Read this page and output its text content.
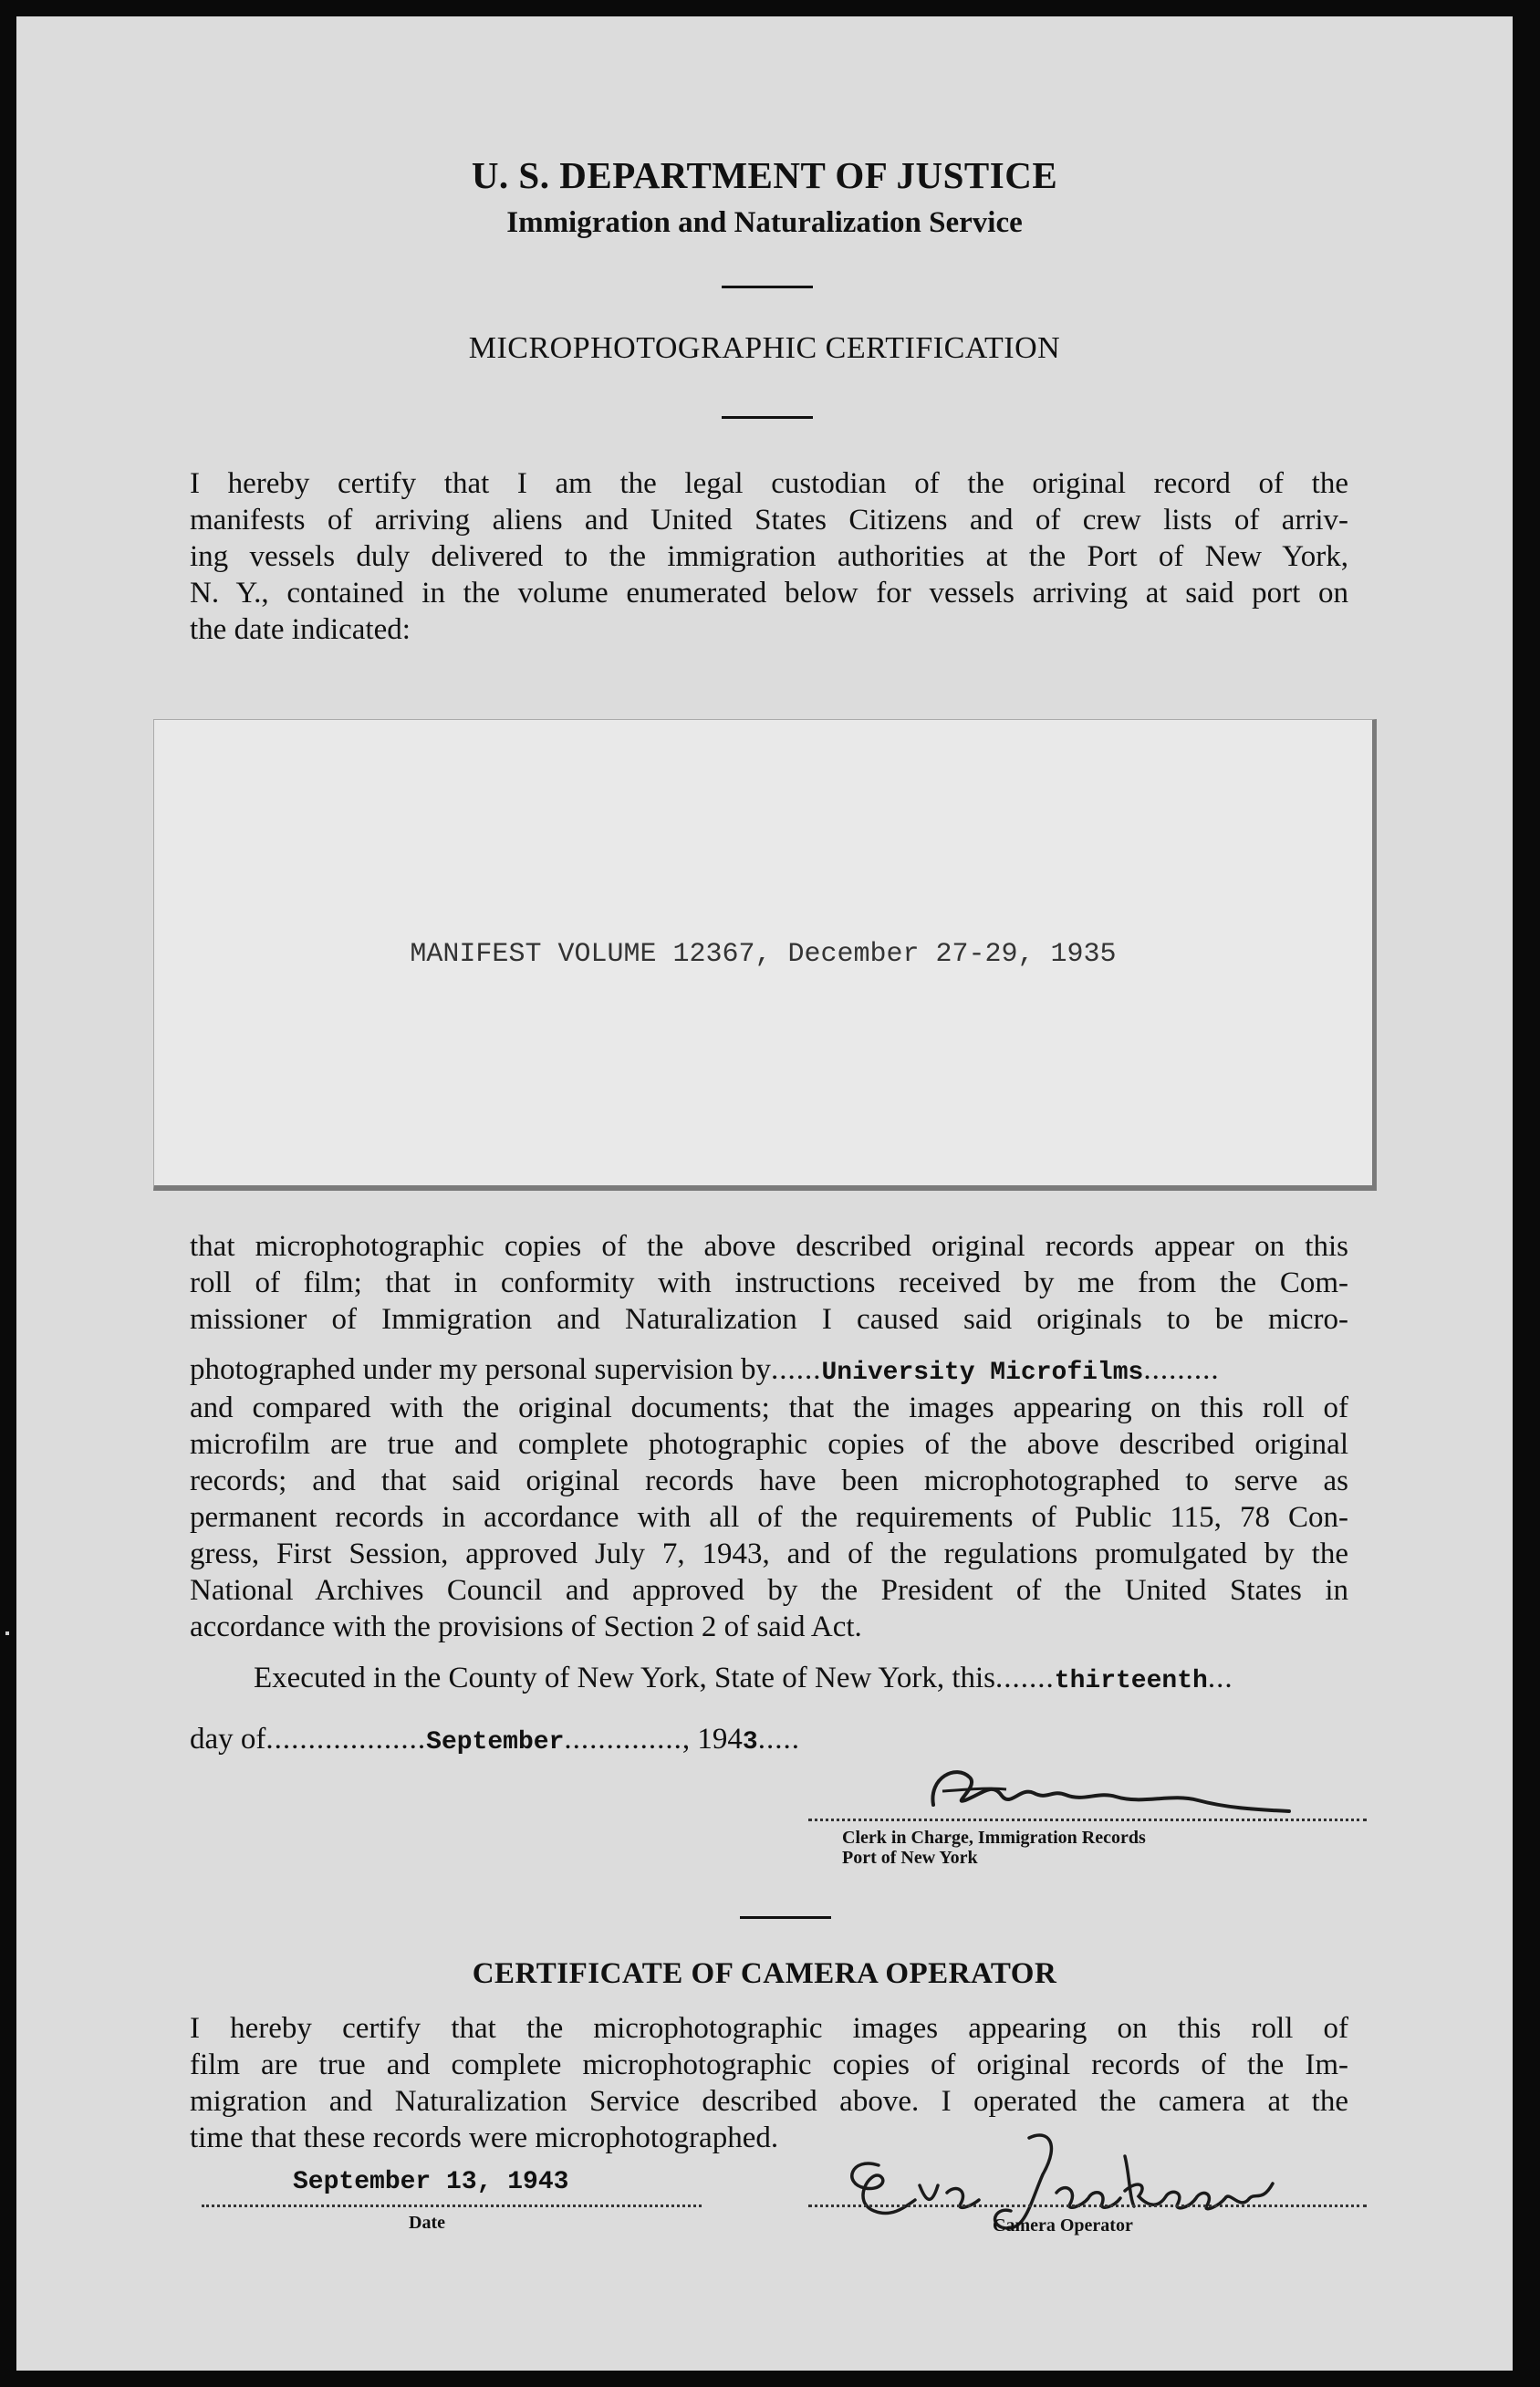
U. S. DEPARTMENT OF JUSTICE
Immigration and Naturalization Service
MICROPHOTOGRAPHIC CERTIFICATION
I hereby certify that I am the legal custodian of the original record of the
manifests of arriving aliens and United States Citizens and of crew lists of arriv-
ing vessels duly delivered to the immigration authorities at the Port of New York,
N. Y., contained in the volume enumerated below for vessels arriving at said port on
the date indicated:
MANIFEST VOLUME 12367, December 27-29, 1935
that microphotographic copies of the above described original records appear on this
roll of film; that in conformity with instructions received by me from the Com-
missioner of Immigration and Naturalization I caused said originals to be micro-
photographed under my personal supervision by......University Microfilms.........
and compared with the original documents; that the images appearing on this roll of
microfilm are true and complete photographic copies of the above described original
records; and that said original records have been microphotographed to serve as
permanent records in accordance with all of the requirements of Public 115, 78 Con-
gress, First Session, approved July 7, 1943, and of the regulations promulgated by the
National Archives Council and approved by the President of the United States in
accordance with the provisions of Section 2 of said Act.
Executed in the County of New York, State of New York, this.......thirteenth...
day of...................September.............., 1943.....
Clerk in Charge, Immigration Records
Port of New York
CERTIFICATE OF CAMERA OPERATOR
I hereby certify that the microphotographic images appearing on this roll of
film are true and complete microphotographic copies of original records of the Im-
migration and Naturalization Service described above. I operated the camera at the
time that these records were microphotographed.
September 13, 1943
Date	Camera Operator
